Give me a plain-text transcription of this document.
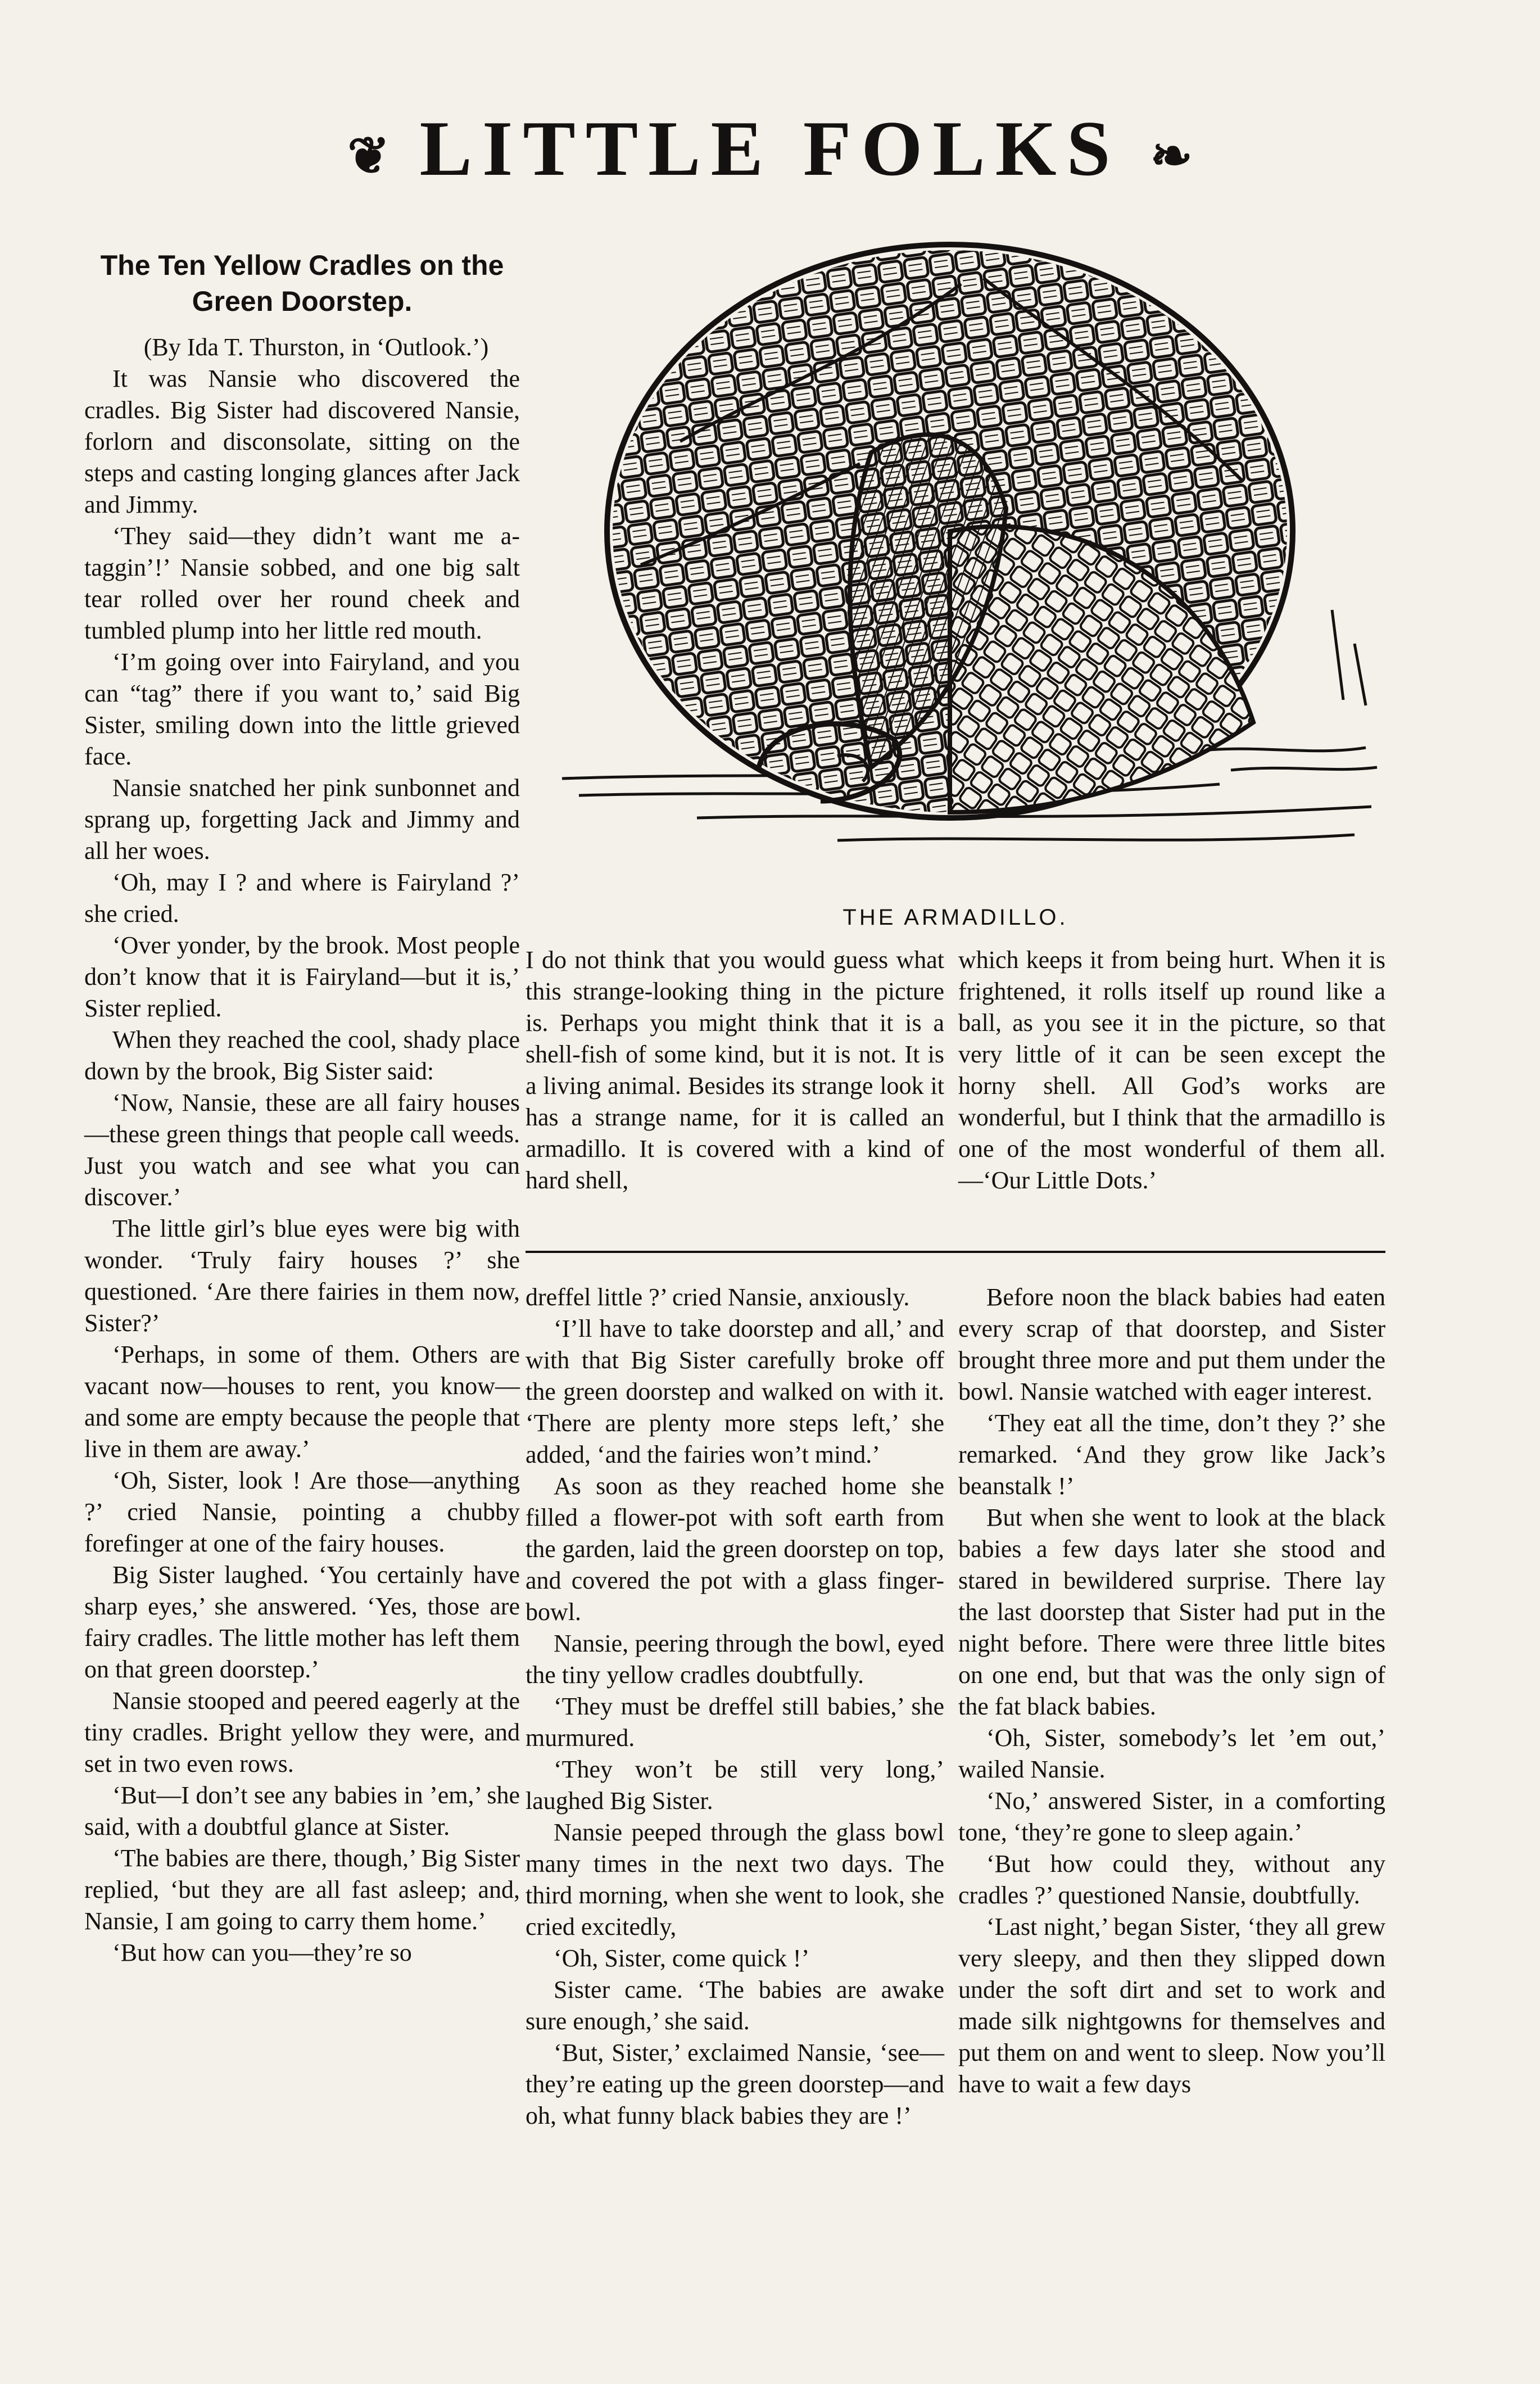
❦ LITTLE FOLKS ❧
The Ten Yellow Cradles on the Green Doorstep.

(By Ida T. Thurston, in ‘Outlook.’)

It was Nansie who discovered the cradles. Big Sister had discovered Nansie, forlorn and disconsolate, sitting on the steps and casting longing glances after Jack and Jimmy.

‘They said—they didn’t want me a-taggin’!’ Nansie sobbed, and one big salt tear rolled over her round cheek and tumbled plump into her little red mouth.

‘I’m going over into Fairyland, and you can “tag” there if you want to,’ said Big Sister, smiling down into the little grieved face.

Nansie snatched her pink sunbonnet and sprang up, forgetting Jack and Jimmy and all her woes.

‘Oh, may I ? and where is Fairyland ?’ she cried.

‘Over yonder, by the brook. Most people don’t know that it is Fairyland—but it is,’ Sister replied.

When they reached the cool, shady place down by the brook, Big Sister said:

‘Now, Nansie, these are all fairy houses—these green things that people call weeds. Just you watch and see what you can discover.’

The little girl’s blue eyes were big with wonder. ‘Truly fairy houses ?’ she questioned. ‘Are there fairies in them now, Sister?’

‘Perhaps, in some of them. Others are vacant now—houses to rent, you know—and some are empty because the people that live in them are away.’

‘Oh, Sister, look ! Are those—anything ?’ cried Nansie, pointing a chubby forefinger at one of the fairy houses.

Big Sister laughed. ‘You certainly have sharp eyes,’ she answered. ‘Yes, those are fairy cradles. The little mother has left them on that green doorstep.’

Nansie stooped and peered eagerly at the tiny cradles. Bright yellow they were, and set in two even rows.

‘But—I don’t see any babies in ’em,’ she said, with a doubtful glance at Sister.

‘The babies are there, though,’ Big Sister replied, ‘but they are all fast asleep; and, Nansie, I am going to carry them home.’

‘But how can you—they’re so

THE ARMADILLO.

I do not think that you would guess what this strange-looking thing in the picture is. Perhaps you might think that it is a shell-fish of some kind, but it is not. It is a living animal. Besides its strange look it has a strange name, for it is called an armadillo. It is covered with a kind of hard shell,

which keeps it from being hurt. When it is frightened, it rolls itself up round like a ball, as you see it in the picture, so that very little of it can be seen except the horny shell. All God’s works are wonderful, but I think that the armadillo is one of the most wonderful of them all.—‘Our Little Dots.’

dreffel little ?’ cried Nansie, anxiously.

‘I’ll have to take doorstep and all,’ and with that Big Sister carefully broke off the green doorstep and walked on with it. ‘There are plenty more steps left,’ she added, ‘and the fairies won’t mind.’

As soon as they reached home she filled a flower-pot with soft earth from the garden, laid the green doorstep on top, and covered the pot with a glass finger-bowl.

Nansie, peering through the bowl, eyed the tiny yellow cradles doubtfully.

‘They must be dreffel still babies,’ she murmured.

‘They won’t be still very long,’ laughed Big Sister.

Nansie peeped through the glass bowl many times in the next two days. The third morning, when she went to look, she cried excitedly,

‘Oh, Sister, come quick !’

Sister came. ‘The babies are awake sure enough,’ she said.

‘But, Sister,’ exclaimed Nansie, ‘see—they’re eating up the green doorstep—and oh, what funny black babies they are !’

Before noon the black babies had eaten every scrap of that doorstep, and Sister brought three more and put them under the bowl. Nansie watched with eager interest.

‘They eat all the time, don’t they ?’ she remarked. ‘And they grow like Jack’s beanstalk !’

But when she went to look at the black babies a few days later she stood and stared in bewildered surprise. There lay the last doorstep that Sister had put in the night before. There were three little bites on one end, but that was the only sign of the fat black babies.

‘Oh, Sister, somebody’s let ’em out,’ wailed Nansie.

‘No,’ answered Sister, in a comforting tone, ‘they’re gone to sleep again.’

‘But how could they, without any cradles ?’ questioned Nansie, doubtfully.

‘Last night,’ began Sister, ‘they all grew very sleepy, and then they slipped down under the soft dirt and set to work and made silk nightgowns for themselves and put them on and went to sleep. Now you’ll have to wait a few days
